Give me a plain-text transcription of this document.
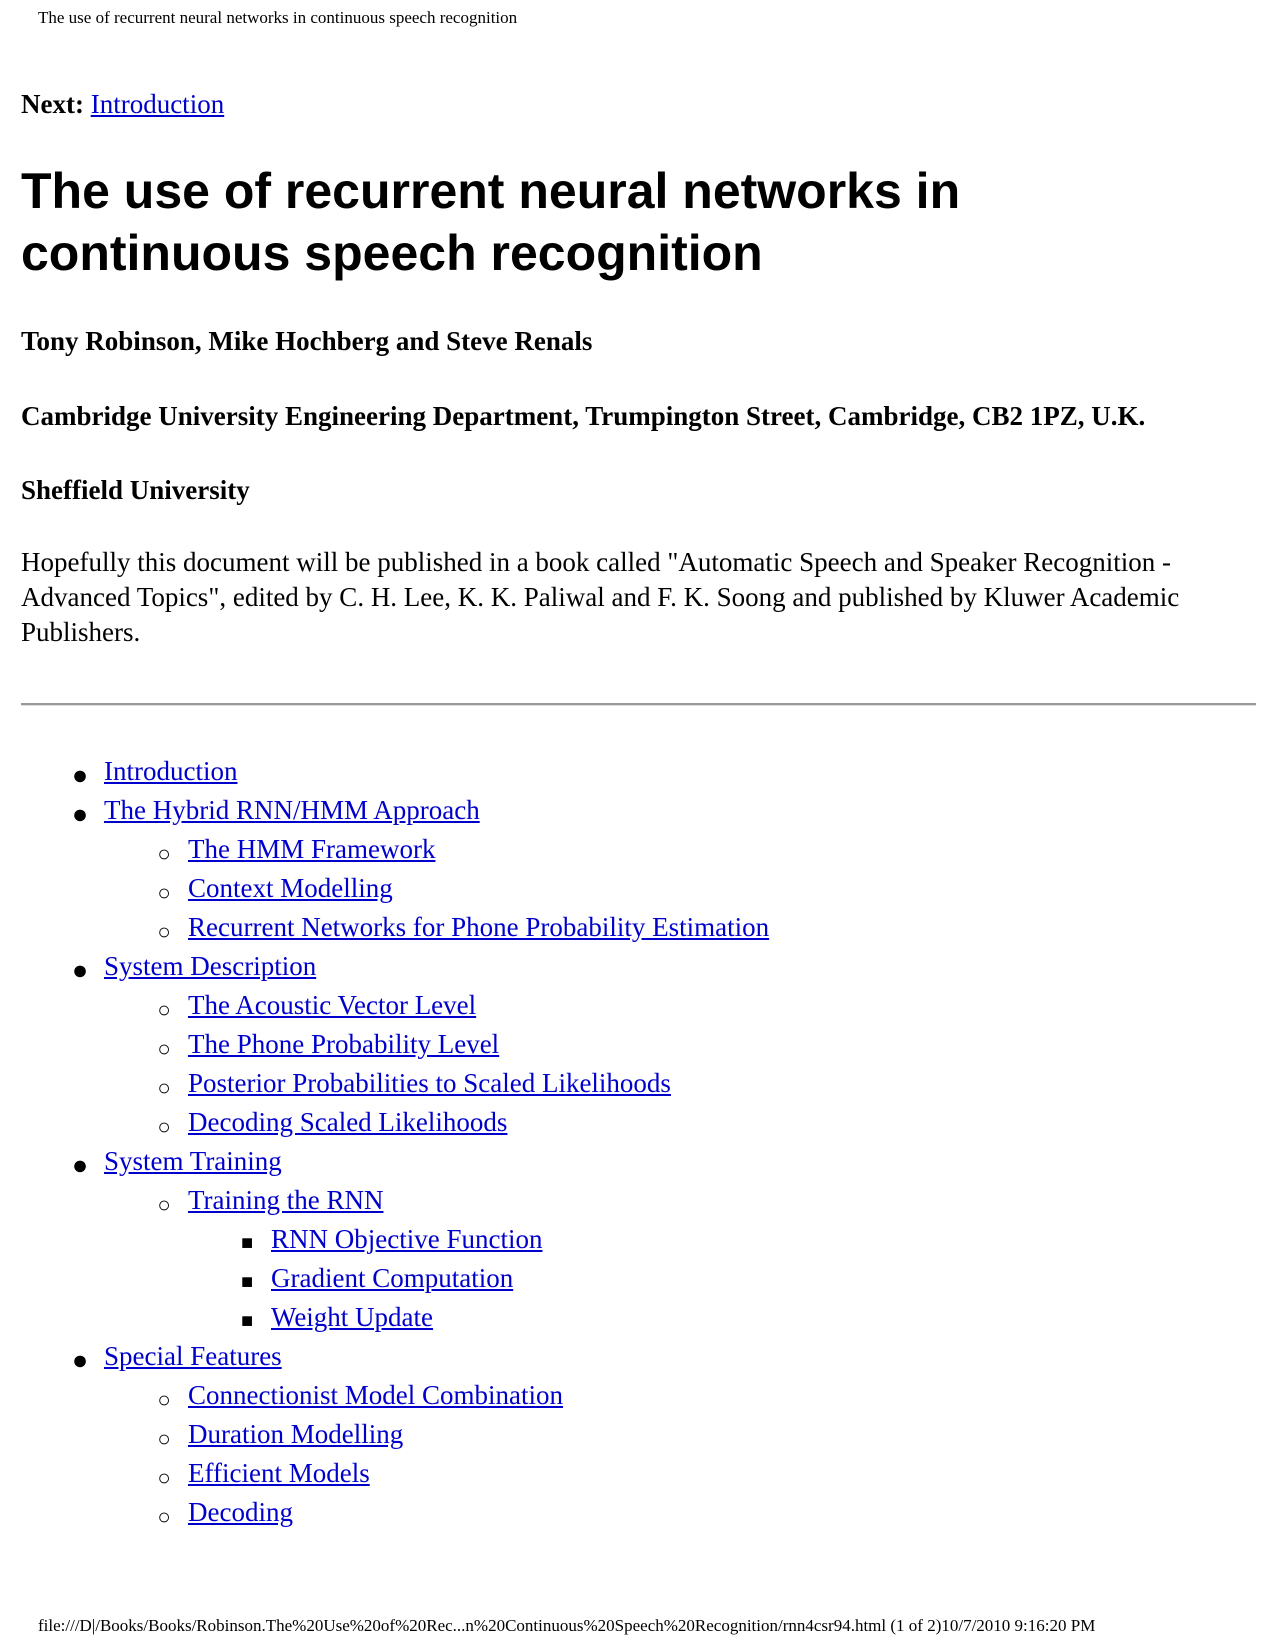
The use of recurrent neural networks in continuous speech recognition

Next: Introduction

The use of recurrent neural networks in continuous speech recognition

Tony Robinson, Mike Hochberg and Steve Renals

Cambridge University Engineering Department, Trumpington Street, Cambridge, CB2 1PZ, U.K.

Sheffield University

Hopefully this document will be published in a book called "Automatic Speech and Speaker Recognition - Advanced Topics", edited by C. H. Lee, K. K. Paliwal and F. K. Soong and published by Kluwer Academic Publishers.

● Introduction
● The Hybrid RNN/HMM Approach
○ The HMM Framework
○ Context Modelling
○ Recurrent Networks for Phone Probability Estimation
● System Description
○ The Acoustic Vector Level
○ The Phone Probability Level
○ Posterior Probabilities to Scaled Likelihoods
○ Decoding Scaled Likelihoods
● System Training
○ Training the RNN
■ RNN Objective Function
■ Gradient Computation
■ Weight Update
● Special Features
○ Connectionist Model Combination
○ Duration Modelling
○ Efficient Models
○ Decoding
file:///D|/Books/Books/Robinson.The%20Use%20of%20Rec...n%20Continuous%20Speech%20Recognition/rnn4csr94.html (1 of 2)10/7/2010 9:16:20 PM
